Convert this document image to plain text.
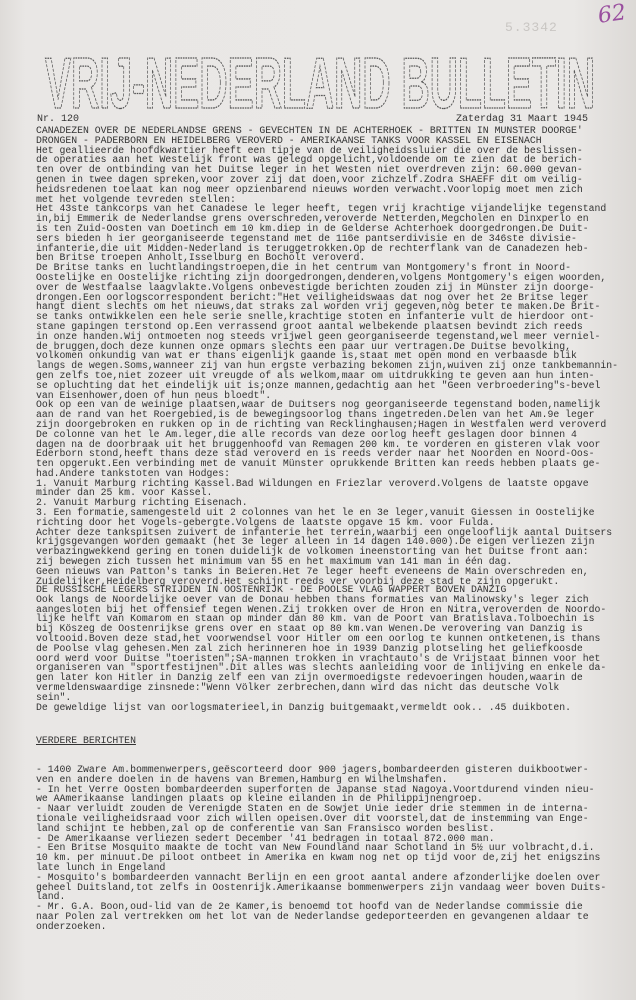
5.3342 62
VRIJ-NEDERLAND BULLETIN
Nr. 120	Zaterdag 31 Maart 1945
CANADEZEN OVER DE NEDERLANDSE GRENS - GEVECHTEN IN DE ACHTERHOEK - BRITTEN IN MUNSTER DOORGE'
DRONGEN - PADERBORN EN HEIDELBERG VEROVERD - AMERIKAANSE TANKS VOOR KASSEL EN EISENACH
Het geallieerde hoofdkwartier heeft een tipje van de veiligheidssluier die over de beslissen-
de operaties aan het Westelijk front was gelegd opgelicht,voldoende om te zien dat de berich-
ten over de ontbinding van het Duitse leger in het Westen niet overdreven zijn: 60.000 gevan-
genen in twee dagen spreken,voor zover zij dat doen,voor zichzelf.Zodra SHAEFF dit om veilig-
heidsredenen toelaat kan nog meer opzienbarend nieuws worden verwacht.Voorlopig moet men zich
met het volgende tevreden stellen:
Het 43ste tankcorps van het Canadese le leger heeft, tegen vrij krachtige vijandelijke tegenstand
in,bij Emmerik de Nederlandse grens overschreden,veroverde Netterden,Megcholen en Dinxperlo en
is ten Zuid-Oosten van Doetinch em 10 km.diep in de Gelderse Achterhoek doorgedrongen.De Duit-
sers bieden h ier georganiseerde tegenstand met de 116e pantserdivisie en de 346ste divisie-
infanterie,die uit Midden-Nederland is teruggetrokken.Op de rechterflank van de Canadezen heb-
ben Britse troepen Anholt,Isselburg en Bocholt veroverd.
De Britse tanks en luchtlandingstroepen,die in het centrum van Montgomery's front in Noord-
Oostelijke en Oostelijke richting zijn doorgedrongen,denderen,volgens Montgomery's eigen woorden,
over de Westfaalse laagvlakte.Volgens onbevestigde berichten zouden zij in Münster zijn doorge-
drongen.Een oorlogscorrespondent bericht:"Het veiligheidswaas dat nog over het 2e Britse leger
hangt dient slechts om het nieuws,dat straks zal worden vrij gegeven,nòg beter te maken.De Brit-
se tanks ontwikkelen een hele serie snelle,krachtige stoten en infanterie vult de hierdoor ont-
stane gapingen terstond op.Een verrassend groot aantal welbekende plaatsen bevindt zich reeds
in onze handen.Wij ontmoeten nog steeds vrijwel geen georganiseerde tegenstand,wel meer verniel-
de bruggen,doch deze kunnen onze opmars slechts een paar uur vertragen.De Duitse bevolking,
volkomen onkundig van wat er thans eigenlijk gaande is,staat met open mond en verbaasde blik
langs de wegen.Soms,wanneer zij van hun ergste verbazing bekomen zijn,wuiven zij onze tankbemannin-
gen zelfs toe,niet zozeer uit vreugde of als welkom,maar om uitdrukking te geven aan hun inten-
se opluchting dat het eindelijk uit is;onze mannen,gedachtig aan het "Geen verbroedering"s-bevel
van Eisenhower,doen of hun neus bloedt".
Ook op een van de weinige plaatsen,waar de Duitsers nog georganiseerde tegenstand boden,namelijk
aan de rand van het Roergebied,is de bewegingsoorlog thans ingetreden.Delen van het Am.9e leger
zijn doorgebroken en rukken op in de richting van Recklinghausen;Hagen in Westfalen werd veroverd
De colonne van het le Am.leger,die alle records van deze oorlog heeft geslagen door binnen 4
dagen na de doorbraak uit het bruggenhoofd van Remagen 200 km. te vorderen en gisteren vlak voor
Ederborn stond,heeft thans deze stad veroverd en is reeds verder naar het Noorden en Noord-Oos-
ten opgerukt.Een verbinding met de vanuit Münster oprukkende Britten kan reeds hebben plaats ge-
had.Andere tankstoten van Hodges:
1. Vanuit Marburg richting Kassel.Bad Wildungen en Friezlar veroverd.Volgens de laatste opgave
minder dan 25 km. voor Kassel.
2. Vanuit Marburg richting Eisenach.
3. Een formatie,samengesteld uit 2 colonnes van het le en 3e leger,vanuit Giessen in Oostelijke
richting door het Vogels-gebergte.Volgens de laatste opgave 15 km. voor Fulda.
Achter deze tankspitsen zuivert de infanterie het terrein,waarbij een ongelooflijk aantal Duitsers
krijgsgevangen worden gemaakt (het 3e leger alleen in 14 dagen 140.000).De eigen verliezen zijn
verbazingwekkend gering en tonen duidelijk de volkomen ineenstorting van het Duitse front aan:
zij bewegen zich tussen het minimum van 55 en het maximum van 141 man in één dag.
Geen nieuws van Patton's tanks in Beieren.Het 7e leger heeft eveneens de Main overschreden en,
Zuidelijker,Heidelberg veroverd.Het schijnt reeds ver voorbij deze stad te zijn opgerukt.
DE RUSSISCHE LEGERS STRIJDEN IN OOSTENRIJK - DE POOLSE VLAG WAPPERT BOVEN DANZIG
Ook langs de Noordelijke oever van de Donau hebben thans formaties van Malinowsky's leger zich
aangesloten bij het offensief tegen Wenen.Zij trokken over de Hron en Nitra,veroverden de Noordo-
lijke helft van Komarom en staan op minder dan 80 km. van de Poort van Bratislava.Tolboechin is
bij Köszeg de Oostenrijkse grens over en staat op 80 km.van Wenen.De verovering van Danzig is
voltooid.Boven deze stad,het voorwendsel voor Hitler om een oorlog te kunnen ontketenen,is thans
de Poolse vlag gehesen.Men zal zich herinneren hoe in 1939 Danzig plotseling het geliefkoosde
oord werd voor Duitse "toeristen";SA-mannen trokken in vrachtauto's de Vrijstaat binnen voor het
organiseren van "sportfestijnen".Dit alles was slechts aanleiding voor de inlijving en enkele da-
gen later kon Hitler in Danzig zelf een van zijn overmoedigste redevoeringen houden,waarin de
vermeldenswaardige zinsnede:"Wenn Völker zerbrechen,dann wird das nicht das deutsche Volk
sein".
De geweldige lijst van oorlogsmaterieel,in Danzig buitgemaakt,vermeldt ook.. .45 duikboten.

VERDERE BERICHTEN

- 1400 Zware Am.bommenwerpers,geëscorteerd door 900 jagers,bombardeerden gisteren duikbootwer-
ven en andere doelen in de havens van Bremen,Hamburg en Wilhelmshafen.
- In het Verre Oosten bombardeerden superforten de Japanse stad Nagoya.Voortdurend vinden nieu-
we AAmerikaanse landingen plaats op kleine eilanden in de Philippijnengroep.
- Naar verluidt zouden de Verenigde Staten en de Sowjet Unie ieder drie stemmen in de interna-
tionale veiligheidsraad voor zich willen opeisen.Over dit voorstel,dat de instemming van Enge-
land schijnt te hebben,zal op de conferentie van San Fransisco worden beslist.
- De Amerikaanse verliezen sedert December '41 bedragen in totaal 872.000 man.
- Een Britse Mosquito maakte de tocht van New Foundland naar Schotland in 5½ uur volbracht,d.i.
10 km. per minuut.De piloot ontbeet in Amerika en kwam nog net op tijd voor de,zij het enigszins
late lunch in Engeland
- Mosquito's bombardeerden vannacht Berlijn en een groot aantal andere afzonderlijke doelen over
geheel Duitsland,tot zelfs in Oostenrijk.Amerikaanse bommenwerpers zijn vandaag weer boven Duits-
land.
- Mr. G.A. Boon,oud-lid van de 2e Kamer,is benoemd tot hoofd van de Nederlandse commissie die
naar Polen zal vertrekken om het lot van de Nederlandse gedeporteerden en gevangenen aldaar te
onderzoeken.
